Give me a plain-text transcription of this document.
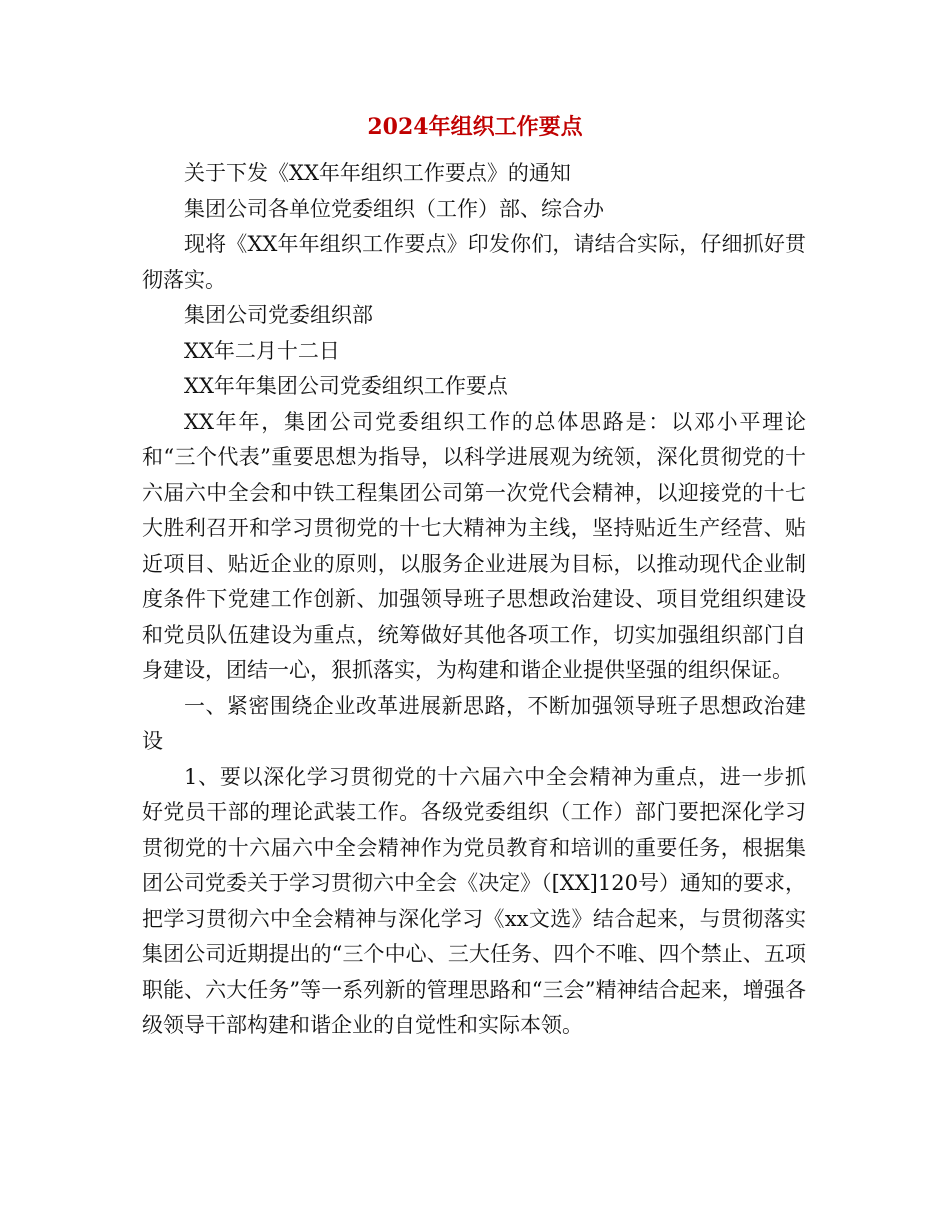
2024年组织工作要点

关于下发《XX年年组织工作要点》的通知

集团公司各单位党委组织（工作）部、综合办

现将《XX年年组织工作要点》印发你们，请结合实际，仔细抓好贯彻落实。

集团公司党委组织部

XX年二月十二日

XX年年集团公司党委组织工作要点

XX年年，集团公司党委组织工作的总体思路是：以邓小平理论和“三个代表”重要思想为指导，以科学进展观为统领，深化贯彻党的十六届六中全会和中铁工程集团公司第一次党代会精神，以迎接党的十七大胜利召开和学习贯彻党的十七大精神为主线，坚持贴近生产经营、贴近项目、贴近企业的原则，以服务企业进展为目标，以推动现代企业制度条件下党建工作创新、加强领导班子思想政治建设、项目党组织建设和党员队伍建设为重点，统筹做好其他各项工作，切实加强组织部门自身建设，团结一心，狠抓落实，为构建和谐企业提供坚强的组织保证。

一、紧密围绕企业改革进展新思路，不断加强领导班子思想政治建设

1、要以深化学习贯彻党的十六届六中全会精神为重点，进一步抓好党员干部的理论武装工作。各级党委组织（工作）部门要把深化学习贯彻党的十六届六中全会精神作为党员教育和培训的重要任务，根据集团公司党委关于学习贯彻六中全会《决定》（[XX]120号）通知的要求，把学习贯彻六中全会精神与深化学习《xx文选》结合起来，与贯彻落实集团公司近期提出的“三个中心、三大任务、四个不唯、四个禁止、五项职能、六大任务”等一系列新的管理思路和“三会”精神结合起来，增强各级领导干部构建和谐企业的自觉性和实际本领。
